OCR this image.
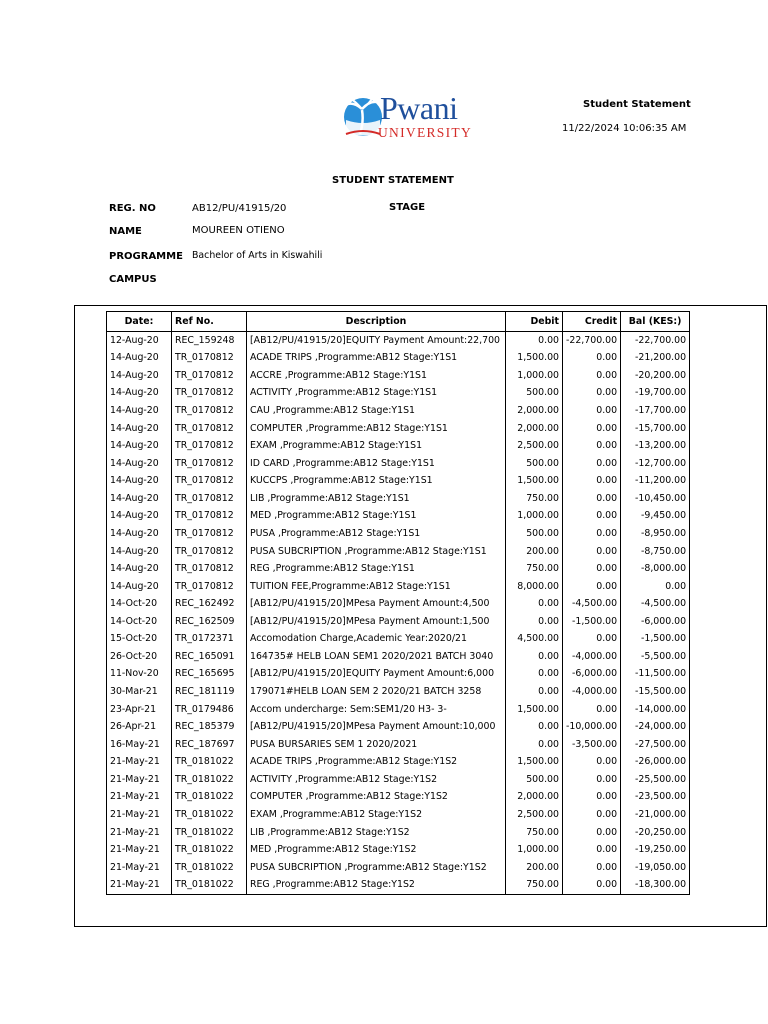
Pwani
UNIVERSITY
Student Statement
11/22/2024 10:06:35 AM
STUDENT STATEMENT
REG. NO	AB12/PU/41915/20	STAGE
NAME	MOUREEN OTIENO
PROGRAMME Bachelor of Arts in Kiswahili
CAMPUS
Date:	Ref No.	Description	Debit	Credit	Bal (KES:)
12-Aug-20	REC_159248	[AB12/PU/41915/20]EQUITY Payment Amount:22,700	0.00	-22,700.00	-22,700.00
14-Aug-20	TR_0170812	ACADE TRIPS ,Programme:AB12 Stage:Y1S1	1,500.00	0.00	-21,200.00
14-Aug-20	TR_0170812	ACCRE ,Programme:AB12 Stage:Y1S1	1,000.00	0.00	-20,200.00
14-Aug-20	TR_0170812	ACTIVITY ,Programme:AB12 Stage:Y1S1	500.00	0.00	-19,700.00
14-Aug-20	TR_0170812	CAU ,Programme:AB12 Stage:Y1S1	2,000.00	0.00	-17,700.00
14-Aug-20	TR_0170812	COMPUTER ,Programme:AB12 Stage:Y1S1	2,000.00	0.00	-15,700.00
14-Aug-20	TR_0170812	EXAM ,Programme:AB12 Stage:Y1S1	2,500.00	0.00	-13,200.00
14-Aug-20	TR_0170812	ID CARD ,Programme:AB12 Stage:Y1S1	500.00	0.00	-12,700.00
14-Aug-20	TR_0170812	KUCCPS ,Programme:AB12 Stage:Y1S1	1,500.00	0.00	-11,200.00
14-Aug-20	TR_0170812	LIB ,Programme:AB12 Stage:Y1S1	750.00	0.00	-10,450.00
14-Aug-20	TR_0170812	MED ,Programme:AB12 Stage:Y1S1	1,000.00	0.00	-9,450.00
14-Aug-20	TR_0170812	PUSA ,Programme:AB12 Stage:Y1S1	500.00	0.00	-8,950.00
14-Aug-20	TR_0170812	PUSA SUBCRIPTION ,Programme:AB12 Stage:Y1S1	200.00	0.00	-8,750.00
14-Aug-20	TR_0170812	REG ,Programme:AB12 Stage:Y1S1	750.00	0.00	-8,000.00
14-Aug-20	TR_0170812	TUITION FEE,Programme:AB12 Stage:Y1S1	8,000.00	0.00	0.00
14-Oct-20	REC_162492	[AB12/PU/41915/20]MPesa Payment Amount:4,500	0.00	-4,500.00	-4,500.00
14-Oct-20	REC_162509	[AB12/PU/41915/20]MPesa Payment Amount:1,500	0.00	-1,500.00	-6,000.00
15-Oct-20	TR_0172371	Accomodation Charge,Academic Year:2020/21	4,500.00	0.00	-1,500.00
26-Oct-20	REC_165091	164735# HELB LOAN SEM1 2020/2021 BATCH 3040	0.00	-4,000.00	-5,500.00
11-Nov-20	REC_165695	[AB12/PU/41915/20]EQUITY Payment Amount:6,000	0.00	-6,000.00	-11,500.00
30-Mar-21	REC_181119	179071#HELB LOAN SEM 2 2020/21 BATCH 3258	0.00	-4,000.00	-15,500.00
23-Apr-21	TR_0179486	Accom undercharge: Sem:SEM1/20 H3- 3-	1,500.00	0.00	-14,000.00
26-Apr-21	REC_185379	[AB12/PU/41915/20]MPesa Payment Amount:10,000	0.00	-10,000.00	-24,000.00
16-May-21	REC_187697	PUSA BURSARIES SEM 1 2020/2021	0.00	-3,500.00	-27,500.00
21-May-21	TR_0181022	ACADE TRIPS ,Programme:AB12 Stage:Y1S2	1,500.00	0.00	-26,000.00
21-May-21	TR_0181022	ACTIVITY ,Programme:AB12 Stage:Y1S2	500.00	0.00	-25,500.00
21-May-21	TR_0181022	COMPUTER ,Programme:AB12 Stage:Y1S2	2,000.00	0.00	-23,500.00
21-May-21	TR_0181022	EXAM ,Programme:AB12 Stage:Y1S2	2,500.00	0.00	-21,000.00
21-May-21	TR_0181022	LIB ,Programme:AB12 Stage:Y1S2	750.00	0.00	-20,250.00
21-May-21	TR_0181022	MED ,Programme:AB12 Stage:Y1S2	1,000.00	0.00	-19,250.00
21-May-21	TR_0181022	PUSA SUBCRIPTION ,Programme:AB12 Stage:Y1S2	200.00	0.00	-19,050.00
21-May-21	TR_0181022	REG ,Programme:AB12 Stage:Y1S2	750.00	0.00	-18,300.00
